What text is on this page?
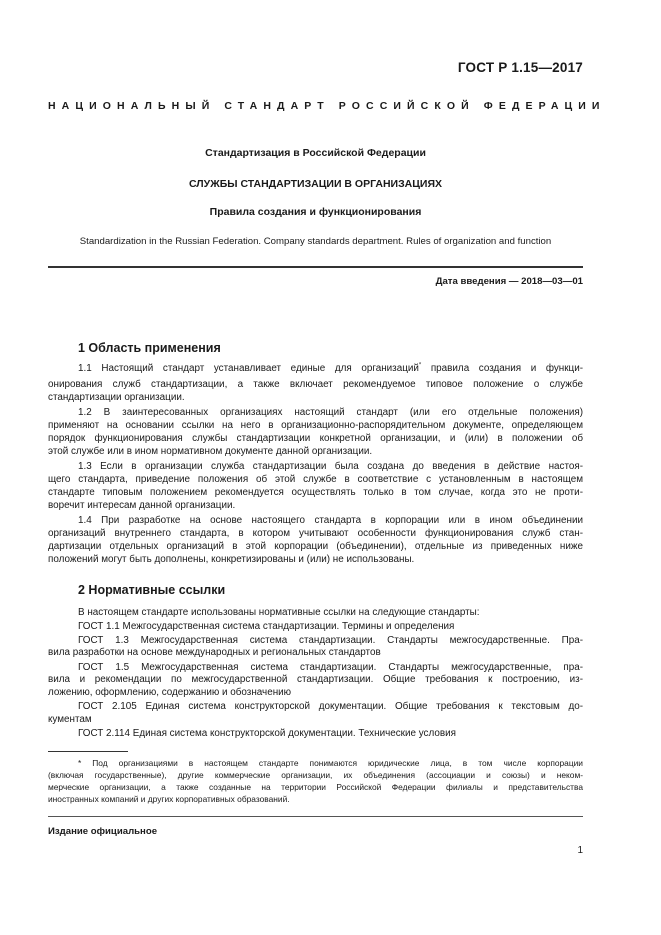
ГОСТ Р 1.15—2017
НАЦИОНАЛЬНЫЙ СТАНДАРТ РОССИЙСКОЙ ФЕДЕРАЦИИ
Стандартизация в Российской Федерации
СЛУЖБЫ СТАНДАРТИЗАЦИИ В ОРГАНИЗАЦИЯХ
Правила создания и функционирования
Standardization in the Russian Federation. Company standards department. Rules of organization and function
Дата введения — 2018—03—01
1 Область применения
1.1 Настоящий стандарт устанавливает единые для организаций* правила создания и функци-
онирования служб стандартизации, а также включает рекомендуемое типовое положение о службе
стандартизации организации.
1.2 В заинтересованных организациях настоящий стандарт (или его отдельные положения)
применяют на основании ссылки на него в организационно-распорядительном документе, определяющем
порядок функционирования службы стандартизации конкретной организации, и (или) в положении об
этой службе или в ином нормативном документе данной организации.
1.3 Если в организации служба стандартизации была создана до введения в действие настоя-
щего стандарта, приведение положения об этой службе в соответствие с установленным в настоящем
стандарте типовым положением рекомендуется осуществлять только в том случае, когда это не проти-
воречит интересам данной организации.
1.4 При разработке на основе настоящего стандарта в корпорации или в ином объединении
организаций внутреннего стандарта, в котором учитывают особенности функционирования служб стан-
дартизации отдельных организаций в этой корпорации (объединении), отдельные из приведенных ниже
положений могут быть дополнены, конкретизированы и (или) не использованы.
2 Нормативные ссылки
В настоящем стандарте использованы нормативные ссылки на следующие стандарты:
ГОСТ 1.1 Межгосударственная система стандартизации. Термины и определения
ГОСТ 1.3 Межгосударственная система стандартизации. Стандарты межгосударственные. Пра-
вила разработки на основе международных и региональных стандартов
ГОСТ 1.5 Межгосударственная система стандартизации. Стандарты межгосударственные, пра-
вила и рекомендации по межгосударственной стандартизации. Общие требования к построению, из-
ложению, оформлению, содержанию и обозначению
ГОСТ 2.105 Единая система конструкторской документации. Общие требования к текстовым до-
кументам
ГОСТ 2.114 Единая система конструкторской документации. Технические условия
* Под организациями в настоящем стандарте понимаются юридические лица, в том числе корпорации
(включая государственные), другие коммерческие организации, их объединения (ассоциации и союзы) и неком-
мерческие организации, а также созданные на территории Российской Федерации филиалы и представительства
иностранных компаний и других корпоративных образований.
Издание официальное
1
